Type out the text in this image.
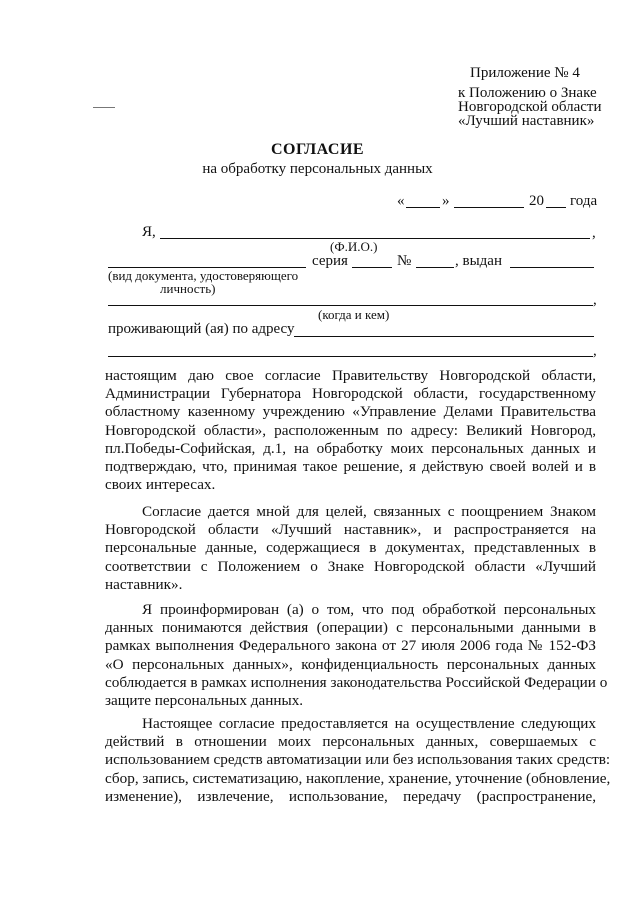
Приложение № 4
к Положению о Знаке
Новгородской области
«Лучший наставник»
СОГЛАСИЕ
на обработку персональных данных
«	»	20 года
Я,	,
(Ф.И.О.)
серия	№	, выдан
(вид документа, удостоверяющего
личность)
,
(когда и кем)
проживающий (ая) по адресу
,
настоящим даю свое согласие Правительству Новгородской области,
Администрации Губернатора Новгородской области, государственному
областному казенному учреждению «Управление Делами Правительства
Новгородской области», расположенным по адресу: Великий Новгород,
пл.Победы-Софийская, д.1, на обработку моих персональных данных и
подтверждаю, что, принимая такое решение, я действую своей волей и в
своих интересах.
Согласие дается мной для целей, связанных с поощрением Знаком
Новгородской области «Лучший наставник», и распространяется на
персональные данные, содержащиеся в документах, представленных в
соответствии с Положением о Знаке Новгородской области «Лучший
наставник».
Я проинформирован (а) о том, что под обработкой персональных
данных понимаются действия (операции) с персональными данными в
рамках выполнения Федерального закона от 27 июля 2006 года № 152-ФЗ
«О персональных данных», конфиденциальность персональных данных
соблюдается в рамках исполнения законодательства Российской Федерации о
защите персональных данных.
Настоящее согласие предоставляется на осуществление следующих
действий в отношении моих персональных данных, совершаемых с
использованием средств автоматизации или без использования таких средств:
сбор, запись, систематизацию, накопление, хранение, уточнение (обновление,
изменение), извлечение, использование, передачу (распространение,
